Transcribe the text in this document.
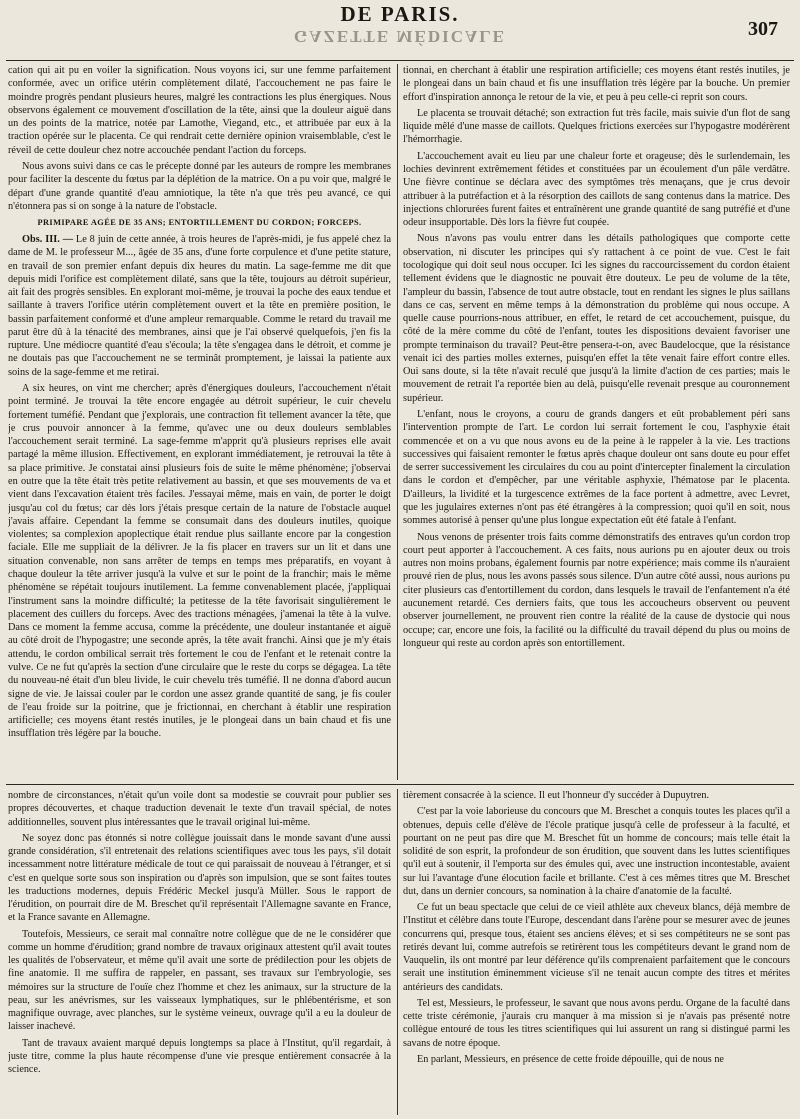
DE PARIS.
GAZETTE MÉDICALE	307

cation qui ait pu en voiler la signification. Nous voyons ici, sur une femme parfaitement conformée, avec un orifice utérin complètement dilaté, l'accouchement ne pas faire le moindre progrès pendant plusieurs heures, malgré les contractions les plus énergiques. Nous observons également ce mouvement d'oscillation de la tête, ainsi que la douleur aiguë dans un des points de la matrice, notée par Lamothe, Viegand, etc., et attribuée par eux à la traction opérée sur le placenta. Ce qui rendrait cette dernière opinion vraisemblable, c'est le réveil de cette douleur chez notre accouchée pendant l'action du forceps.

Nous avons suivi dans ce cas le précepte donné par les auteurs de rompre les membranes pour faciliter la descente du fœtus par la déplétion de la matrice. On a pu voir que, malgré le départ d'une grande quantité d'eau amniotique, la tête n'a que très peu avancé, ce qui n'étonnera pas si on songe à la nature de l'obstacle.

PRIMIPARE AGÉE DE 35 ANS; ENTORTILLEMENT DU CORDON; FORCEPS.

Obs. III. — Le 8 juin de cette année, à trois heures de l'après-midi, je fus appelé chez la dame de M. le professeur M..., âgée de 35 ans, d'une forte corpulence et d'une petite stature, en travail de son premier enfant depuis dix heures du matin. La sage-femme me dit que depuis midi l'orifice est complètement dilaté, sans que la tête, toujours au détroit supérieur, ait fait des progrès sensibles. En explorant moi-même, je trouvai la poche des eaux tendue et saillante à travers l'orifice utérin complètement ouvert et la tête en première position, le bassin parfaitement conformé et d'une ampleur remarquable. Comme le retard du travail me parut être dû à la ténacité des membranes, ainsi que je l'ai observé quelquefois, j'en fis la rupture. Une médiocre quantité d'eau s'écoula; la tête s'engagea dans le détroit, et comme je ne doutais pas que l'accouchement ne se terminât promptement, je laissai la patiente aux soins de la sage-femme et me retirai.

A six heures, on vint me chercher; après d'énergiques douleurs, l'accouchement n'était point terminé. Je trouvai la tête encore engagée au détroit supérieur, le cuir chevelu fortement tuméfié. Pendant que j'explorais, une contraction fit tellement avancer la tête, que je crus pouvoir annoncer à la femme, qu'avec une ou deux douleurs semblables l'accouchement serait terminé. La sage-femme m'apprit qu'à plusieurs reprises elle avait partagé la même illusion. Effectivement, en explorant immédiatement, je retrouvai la tête à sa place primitive. Je constatai ainsi plusieurs fois de suite le même phénomène; j'observai en outre que la tête était très petite relativement au bassin, et que ses mouvements de va et vient dans l'excavation étaient très faciles. J'essayai même, mais en vain, de porter le doigt jusqu'au col du fœtus; car dès lors j'étais presque certain de la nature de l'obstacle auquel j'avais affaire. Cependant la femme se consumait dans des douleurs inutiles, quoique violentes; sa complexion apoplectique était rendue plus saillante encore par la congestion faciale. Elle me suppliait de la délivrer. Je la fis placer en travers sur un lit et dans une situation convenable, non sans arrêter de temps en temps mes préparatifs, en voyant à chaque douleur la tête arriver jusqu'à la vulve et sur le point de la franchir; mais le même phénomène se répétait toujours inutilement. La femme convenablement placée, j'appliquai l'instrument sans la moindre difficulté; la petitesse de la tête favorisait singulièrement le placement des cuillers du forceps. Avec des tractions ménagées, j'amenai la tête à la vulve. Dans ce moment la femme accusa, comme la précédente, une douleur instantanée et aiguë au côté droit de l'hypogastre; une seconde après, la tête avait franchi. Ainsi que je m'y étais attendu, le cordon ombilical serrait très fortement le cou de l'enfant et le retenait contre la vulve. Ce ne fut qu'après la section d'une circulaire que le reste du corps se dégagea. La tête du nouveau-né était d'un bleu livide, le cuir chevelu très tuméfié. Il ne donna d'abord aucun signe de vie. Je laissai couler par le cordon une assez grande quantité de sang, je fis couler de l'eau froide sur la poitrine, que je frictionnai, en cherchant à établir une respiration artificielle; ces moyens étant restés inutiles, je le plongeai dans un bain chaud et fis une insufflation très légère par la bouche.

tionnai, en cherchant à établir une respiration artificielle; ces moyens étant restés inutiles, je le plongeai dans un bain chaud et fis une insufflation très légère par la bouche. Un premier effort d'inspiration annonça le retour de la vie, et peu à peu celle-ci reprit son cours.

Le placenta se trouvait détaché; son extraction fut très facile, mais suivie d'un flot de sang liquide mêlé d'une masse de caillots. Quelques frictions exercées sur l'hypogastre modérèrent l'hémorrhagie.

L'accouchement avait eu lieu par une chaleur forte et orageuse; dès le surlendemain, les lochies devinrent extrêmement fétides et constituées par un écoulement d'un pâle verdâtre. Une fièvre continue se déclara avec des symptômes très menaçans, que je crus devoir attribuer à la putréfaction et à la résorption des caillots de sang contenus dans la matrice. Des injections chlorurées furent faites et entraînèrent une grande quantité de sang putréfié et d'une odeur insupportable. Dès lors la fièvre fut coupée.

Nous n'avons pas voulu entrer dans les détails pathologiques que comporte cette observation, ni discuter les principes qui s'y rattachent à ce point de vue. C'est le fait tocologique qui doit seul nous occuper. Ici les signes du raccourcissement du cordon étaient tellement évidens que le diagnostic ne pouvait être douteux. Le peu de volume de la tête, l'ampleur du bassin, l'absence de tout autre obstacle, tout en rendant les signes le plus saillans dans ce cas, servent en même temps à la démonstration du problème qui nous occupe. A quelle cause pourrions-nous attribuer, en effet, le retard de cet accouchement, puisque, du côté de la mère comme du côté de l'enfant, toutes les dispositions devaient favoriser une prompte terminaison du travail? Peut-être pensera-t-on, avec Baudelocque, que la résistance venait ici des parties molles externes, puisqu'en effet la tête venait faire effort contre elles. Oui sans doute, si la tête n'avait reculé que jusqu'à la limite d'action de ces parties; mais le mouvement de retrait l'a reportée bien au delà, puisqu'elle revenait presque au couronnement supérieur.

L'enfant, nous le croyons, a couru de grands dangers et eût probablement péri sans l'intervention prompte de l'art. Le cordon lui serrait fortement le cou, l'asphyxie était commencée et on a vu que nous avons eu de la peine à le rappeler à la vie. Les tractions successives qui faisaient remonter le fœtus après chaque douleur ont sans doute eu pour effet de serrer successivement les circulaires du cou au point d'intercepter finalement la circulation dans le cordon et d'empêcher, par une véritable asphyxie, l'hématose par le placenta. D'ailleurs, la lividité et la turgescence extrêmes de la face portent à admettre, avec Levret, que les jugulaires externes n'ont pas été étrangères à la compression; quoi qu'il en soit, nous sommes autorisé à penser qu'une plus longue expectation eût été fatale à l'enfant.

Nous venons de présenter trois faits comme démonstratifs des entraves qu'un cordon trop court peut apporter à l'accouchement. A ces faits, nous aurions pu en ajouter deux ou trois autres non moins probans, également fournis par notre expérience; mais comme ils n'auraient prouvé rien de plus, nous les avons passés sous silence. D'un autre côté aussi, nous aurions pu citer plusieurs cas d'entortillement du cordon, dans lesquels le travail de l'enfantement n'a été aucunement retardé. Ces derniers faits, que tous les accoucheurs observent ou peuvent observer journellement, ne prouvent rien contre la réalité de la cause de dystocie qui nous occupe; car, encore une fois, la facilité ou la difficulté du travail dépend du plus ou moins de longueur qui reste au cordon après son entortillement.

nombre de circonstances, n'était qu'un voile dont sa modestie se couvrait pour publier ses propres découvertes, et chaque traduction devenait le texte d'un travail spécial, de notes additionnelles, souvent plus intéressantes que le travail original lui-même.

Ne soyez donc pas étonnés si notre collègue jouissait dans le monde savant d'une aussi grande considération, s'il entretenait des relations scientifiques avec tous les pays, s'il dotait incessamment notre littérature médicale de tout ce qui paraissait de nouveau à l'étranger, et si c'est en quelque sorte sous son inspiration ou d'après son impulsion, que se sont faites toutes les traductions modernes, depuis Frédéric Meckel jusqu'à Müller. Sous le rapport de l'érudition, on pourrait dire de M. Breschet qu'il représentait l'Allemagne savante en France, et la France savante en Allemagne.

Toutefois, Messieurs, ce serait mal connaître notre collègue que de ne le considérer que comme un homme d'érudition; grand nombre de travaux originaux attestent qu'il avait toutes les qualités de l'observateur, et même qu'il avait une sorte de prédilection pour les objets de fine anatomie. Il me suffira de rappeler, en passant, ses travaux sur l'embryologie, ses mémoires sur la structure de l'ouïe chez l'homme et chez les animaux, sur la structure de la peau, sur les anévrismes, sur les vaisseaux lymphatiques, sur le phlébentérisme, et son magnifique ouvrage, avec planches, sur le système veineux, ouvrage qu'il a eu la douleur de laisser inachevé.

Tant de travaux avaient marqué depuis longtemps sa place à l'Institut, qu'il regardait, à juste titre, comme la plus haute récompense d'une vie presque entièrement consacrée à la science.

tièrement consacrée à la science. Il eut l'honneur d'y succéder à Dupuytren.

C'est par la voie laborieuse du concours que M. Breschet a conquis toutes les places qu'il a obtenues, depuis celle d'élève de l'école pratique jusqu'à celle de professeur à la faculté, et pourtant on ne peut pas dire que M. Breschet fût un homme de concours; mais telle était la solidité de son esprit, la profondeur de son érudition, que souvent dans les luttes scientifiques qu'il eut à soutenir, il l'emporta sur des émules qui, avec une instruction incontestable, avaient sur lui l'avantage d'une élocution facile et brillante. C'est à ces mêmes titres que M. Breschet dut, dans un dernier concours, sa nomination à la chaire d'anatomie de la faculté.

Ce fut un beau spectacle que celui de ce vieil athlète aux cheveux blancs, déjà membre de l'Institut et célèbre dans toute l'Europe, descendant dans l'arène pour se mesurer avec de jeunes concurrens qui, presque tous, étaient ses anciens élèves; et si ses compétiteurs ne se sont pas retirés devant lui, comme autrefois se retirèrent tous les compétiteurs devant le grand nom de Vauquelin, ils ont montré par leur déférence qu'ils comprenaient parfaitement que le concours serait une institution éminemment vicieuse s'il ne tenait aucun compte des titres et mérites antérieurs des candidats.

Tel est, Messieurs, le professeur, le savant que nous avons perdu. Organe de la faculté dans cette triste cérémonie, j'aurais cru manquer à ma mission si je n'avais pas présenté notre collègue entouré de tous les titres scientifiques qui lui assurent un rang si distingué parmi les savans de notre époque.

En parlant, Messieurs, en présence de cette froide dépouille, qui de nous ne
